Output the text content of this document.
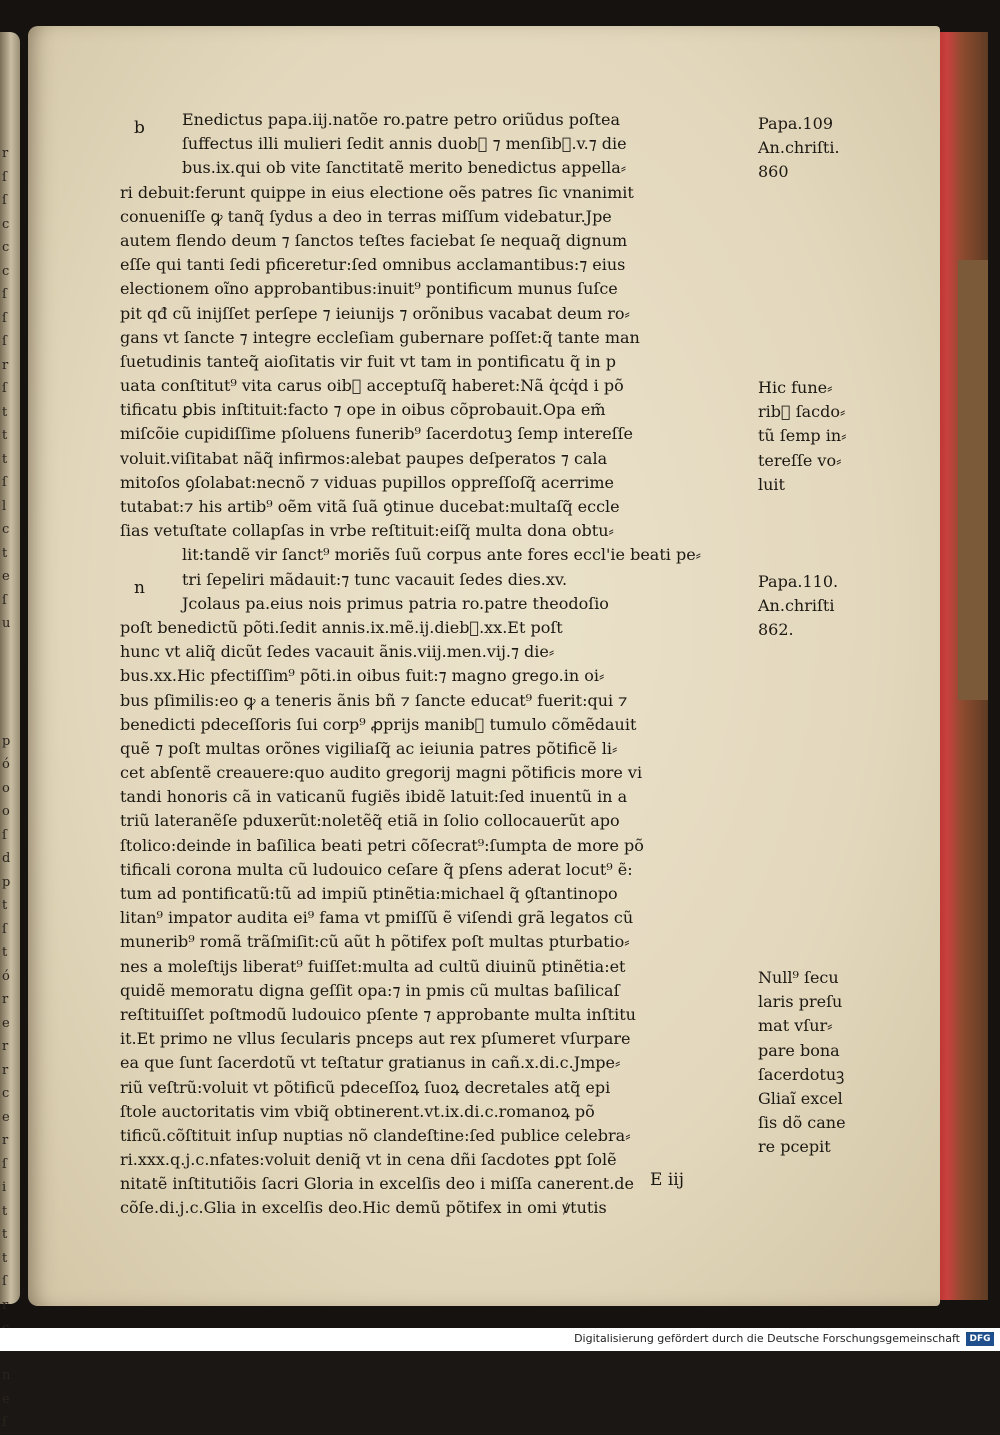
r
ſ
ſ
c
c
c
ſ
ſ
ſ
r
ſ
t
t
t
ſ
l
c
t
e
ſ
u
p
ó
o
o
ſ
d
p
t
ſ
t
ó
r
e
r
r
c
e
r
ſ
i
t
t
t
ſ
r
n
e
ſ
Enedictus papa.iij.natõe ro.patre petro oriũdus poſtea
ſuffectus illi mulieri ſedit annis duob᷒ ⁊ menſib᷒.v.⁊ die
bus.ix.qui ob vite ſanctitatẽ merito benedictus appella⸗
ri debuit:ferunt quippe in eius electione oẽs patres ſic vnanimit
conueniſſe ꝙ tanq̃ ſydus a deo in terras miſſum videbatur.Jpe
autem flendo deum ⁊ ſanctos teſtes faciebat ſe nequaq̃ dignum
eſſe qui tanti ſedi pficeretur:ſed omnibus acclamantibus:⁊ eius
electionem oĩno approbantibus:inuit⁹ pontificum munus ſuſce
pit qđ cũ inijſſet perſepe ⁊ ieiunijs ⁊ orõnibus vacabat deum ro⸗
gans vt ſancte ⁊ integre eccleſiam gubernare poſſet:q̃ tante man
ſuetudinis tanteq̃ aioſitatis vir fuit vt tam in pontificatu q̃ in p
uata conſtitut⁹ vita carus oib᷒ acceptuſq̃ haberet:Nã q̇cq̇d i põ
tificatu ꝑbis inſtituit:facto ⁊ ope in oibus cõprobauit.Opa em̃
miſcõie cupidiſſime pſoluens funerib⁹ ſacerdotuꝫ ſemp intereſſe
voluit.viſitabat nãq̃ infirmos:alebat paupes deſperatos ⁊ cala
mitoſos ꝯſolabat:necnõ ⁊ viduas pupillos oppreſſoſq̃ acerrime
tutabat:⁊ his artib⁹ oẽm vitã ſuã ꝯtinue ducebat:multaſq̃ eccle
ſias vetuſtate collapſas in vrbe reſtituit:eiſq̃ multa dona obtu⸗
lit:tandẽ vir ſanct⁹ moriẽs ſuũ corpus ante fores eccl'ie beati pe⸗
tri ſepeliri mãdauit:⁊ tunc vacauit ſedes dies.xv.
Jcolaus pa.eius nois primus patria ro.patre theodoſio
poſt benedictũ põti.ſedit annis.ix.mẽ.ij.dieb᷒.xx.Et poſt
hunc vt aliq̃ dicũt ſedes vacauit ãnis.viij.men.vij.⁊ die⸗
bus.xx.Hic pfectiſſim⁹ põti.in oibus fuit:⁊ magno grego.in oi⸗
bus pſimilis:eo ꝙ a teneris ãnis bñ ⁊ ſancte educat⁹ fuerit:qui ⁊
benedicti pdeceſſoris ſui corp⁹ ꝓprijs manib᷒ tumulo cõmẽdauit
quẽ ⁊ poſt multas orõnes vigiliaſq̃ ac ieiunia patres põtificẽ li⸗
cet abſentẽ creauere:quo audito gregorij magni põtificis more vi
tandi honoris cã in vaticanũ fugiẽs ibidẽ latuit:ſed inuentũ in a
triũ lateranẽſe pduxerũt:noletẽq̃ etiã in ſolio collocauerũt apo
ſtolico:deinde in baſilica beati petri cõſecrat⁹:ſumpta de more põ
tificali corona multa cũ ludouico ceſare q̃ pſens aderat locut⁹ ẽ:
tum ad pontificatũ:tũ ad impiũ ptinẽtia:michael q̃ ꝯſtantinopo
litan⁹ impator audita ei⁹ fama vt pmiſſũ ẽ viſendi grã legatos cũ
munerib⁹ romã trãſmiſit:cũ aũt h põtifex poſt multas pturbatio⸗
nes a moleſtijs liberat⁹ fuiſſet:multa ad cultũ diuinũ ptinẽtia:et
quidẽ memoratu digna geſſit opa:⁊ in pmis cũ multas baſilicaſ
reſtituiſſet poſtmodũ ludouico pſente ⁊ approbante multa inſtitu
it.Et primo ne vllus ſecularis pnceps aut rex pſumeret vſurpare
ea que ſunt ſacerdotũ vt teſtatur gratianus in cañ.x.di.c.Jmpe⸗
riũ veſtrũ:voluit vt põtificũ pdeceſſoꝝ ſuoꝝ decretales atq̃ epi
ſtole auctoritatis vim vbiq̃ obtinerent.vt.ix.di.c.romanoꝝ põ
tificũ.cõſtituit inſup nuptias nõ clandeſtine:ſed publice celebra⸗
ri.xxx.q.j.c.nfates:voluit deniq̃ vt in cena dñi ſacdotes ꝑpt ſolẽ
nitatẽ inſtitutiõis ſacri Gloria in excelſis deo i miſſa canerent.de
cõſe.di.j.c.Glia in excelſis deo.Hic demũ põtifex in omi ꝟtutis
b
n
Papa.109
An.chriſti.
860
Hic fune⸗
rib᷒ ſacdo⸗
tũ ſemp in⸗
tereſſe vo⸗
luit
Papa.110.
An.chriſti
862.
Null⁹ ſecu
laris preſu
mat vſur⸗
pare bona
ſacerdotuꝫ
Gliaĩ excel
ſis dõ cane
re pcepit
E iij
Digitalisierung gefördert durch die Deutsche Forschungsgemeinschaft	DFG
